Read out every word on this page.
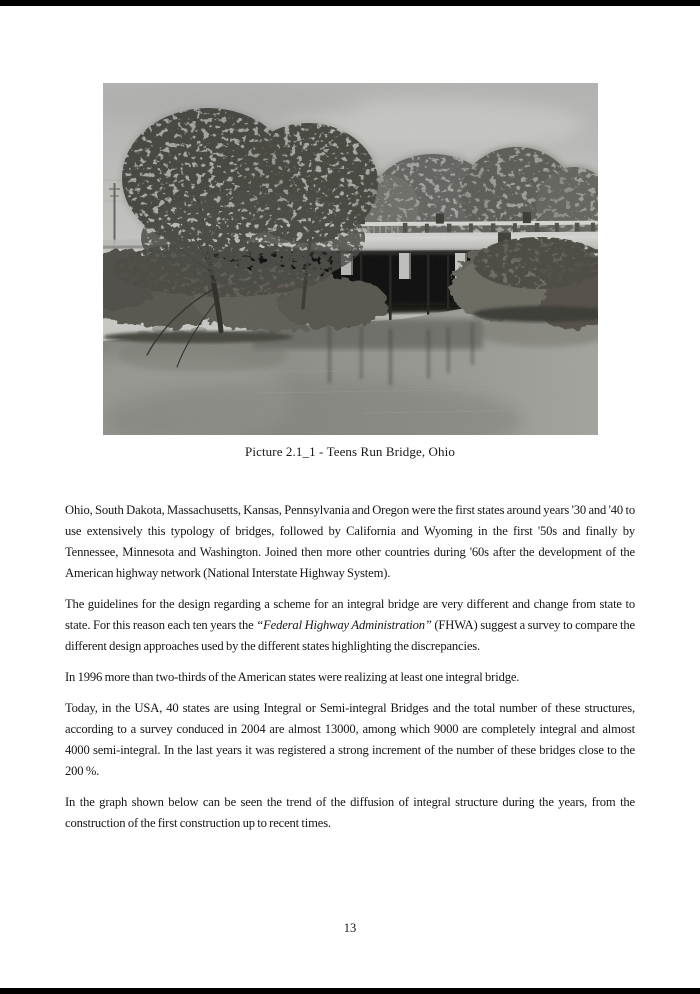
Picture 2.1_1 - Teens Run Bridge, Ohio

Ohio, South Dakota, Massachusetts, Kansas, Pennsylvania and Oregon were the first states around years '30 and '40 to use extensively this typology of bridges, followed by California and Wyoming in the first '50s and finally by Tennessee, Minnesota and Washington. Joined then more other countries during '60s after the development of the American highway network (National Interstate Highway System).

The guidelines for the design regarding a scheme for an integral bridge are very different and change from state to state. For this reason each ten years the “Federal Highway Administration” (FHWA) suggest a survey to compare the different design approaches used by the different states highlighting the discrepancies.

In 1996 more than two-thirds of the American states were realizing at least one integral bridge.

Today, in the USA, 40 states are using Integral or Semi-integral Bridges and the total number of these structures, according to a survey conduced in 2004 are almost 13000, among which 9000 are completely integral and almost 4000 semi-integral. In the last years it was registered a strong increment of the number of these bridges close to the 200 %.

In the graph shown below can be seen the trend of the diffusion of integral structure during the years, from the construction of the first construction up to recent times.

13
